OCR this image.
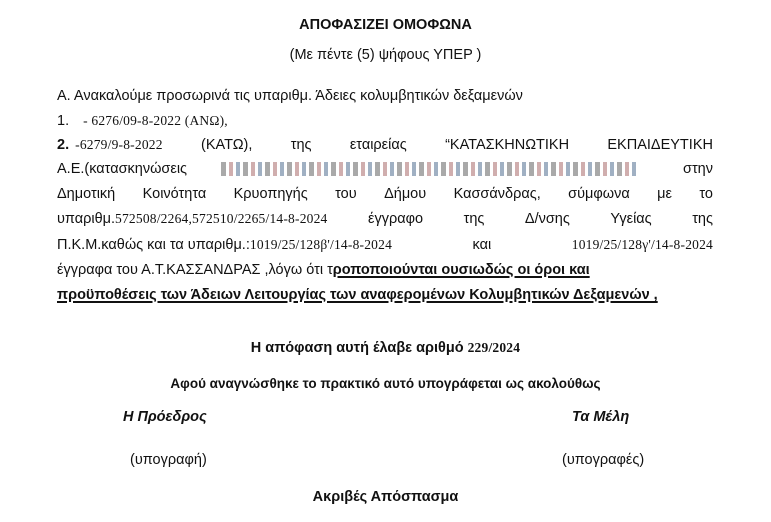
ΑΠΟΦΑΣΙΖΕΙ ΟΜΟΦΩΝΑ
(Με πέντε (5) ψήφους ΥΠΕΡ )
Α. Ανακαλούμε προσωρινά τις υπαριθμ. Άδειες κολυμβητικών δεξαμενών
1. - 6276/09-8-2022 (ΑΝΩ),
2. -6279/9-8-2022	(ΚΑΤΩ),	της	εταιρείας	“ΚΑΤΑΣΚΗΝΩΤΙΚΗ	ΕΚΠΑΙΔΕΥΤΙΚΗ
Α.Ε.(κατασκηνώσεις	στην
Δημοτική Κοινότητα Κρυοπηγής του Δήμου Κασσάνδρας, σύμφωνα με το
υπαριθμ.572508/2264,572510/2265/14-8-2024	έγγραφο	της	Δ/νσης	Υγείας	της
Π.Κ.Μ.καθώς και τα υπαριθμ.:1019/25/128β'/14-8-2024	και	1019/25/128γ'/14-8-2024
έγγραφα του Α.Τ.ΚΑΣΣΑΝΔΡΑΣ ,λόγω ότι τροποποιούνται ουσιωδώς οι όροι και
προϋποθέσεις των Άδειων Λειτουργίας των αναφερομένων Κολυμβητικών Δεξαμενών ,
Η απόφαση αυτή έλαβε αριθμό 229/2024
Αφού αναγνώσθηκε το πρακτικό αυτό υπογράφεται ως ακολούθως
Η Πρόεδρος	Τα Μέλη
(υπογραφή)	(υπογραφές)
Ακριβές Απόσπασμα
